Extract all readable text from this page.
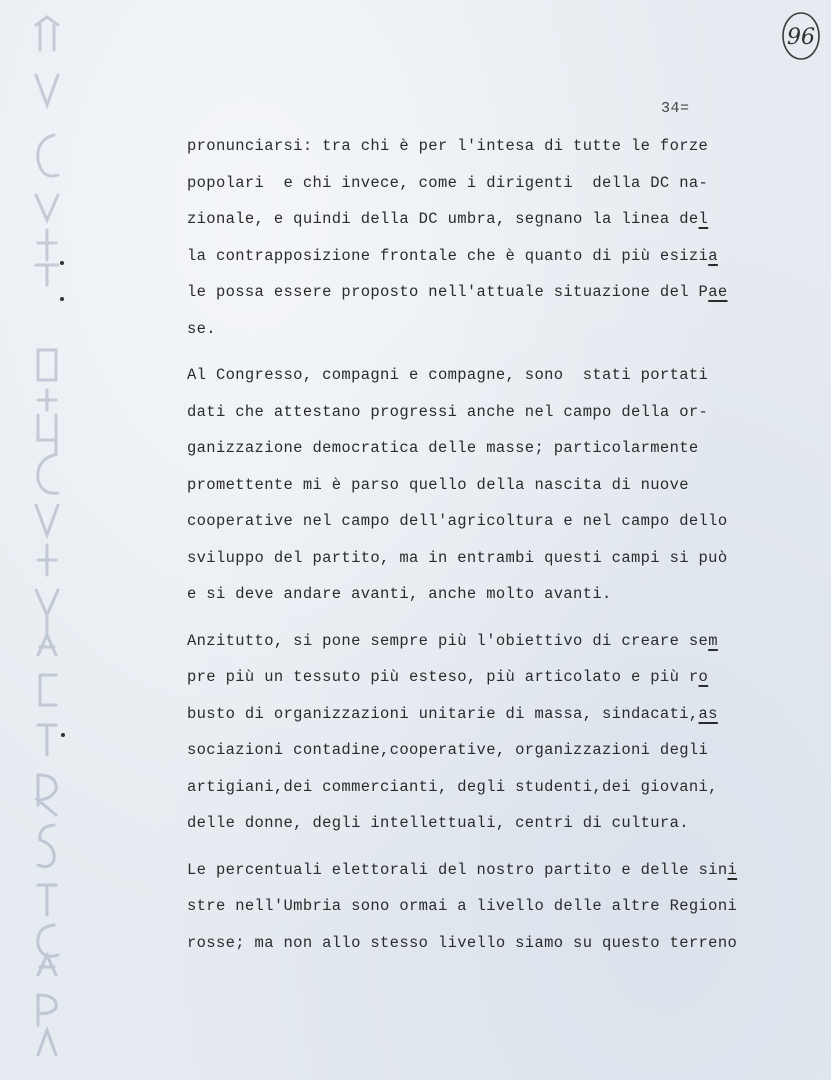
96
34=
pronunciarsi: tra chi è per l'intesa di tutte le forze
popolari  e chi invece, come i dirigenti  della DC na-
zionale, e quindi della DC umbra, segnano la linea del
la contrapposizione frontale che è quanto di più esizia
le possa essere proposto nell'attuale situazione del Pae
se.
Al Congresso, compagni e compagne, sono  stati portati
dati che attestano progressi anche nel campo della or-
ganizzazione democratica delle masse; particolarmente
promettente mi è parso quello della nascita di nuove
cooperative nel campo dell'agricoltura e nel campo dello
sviluppo del partito, ma in entrambi questi campi si può
e si deve andare avanti, anche molto avanti.
Anzitutto, si pone sempre più l'obiettivo di creare sem
pre più un tessuto più esteso, più articolato e più ro
busto di organizzazioni unitarie di massa, sindacati,as
sociazioni contadine,cooperative, organizzazioni degli
artigiani,dei commercianti, degli studenti,dei giovani,
delle donne, degli intellettuali, centri di cultura.
Le percentuali elettorali del nostro partito e delle sini
stre nell'Umbria sono ormai a livello delle altre Regioni
rosse; ma non allo stesso livello siamo su questo terreno
